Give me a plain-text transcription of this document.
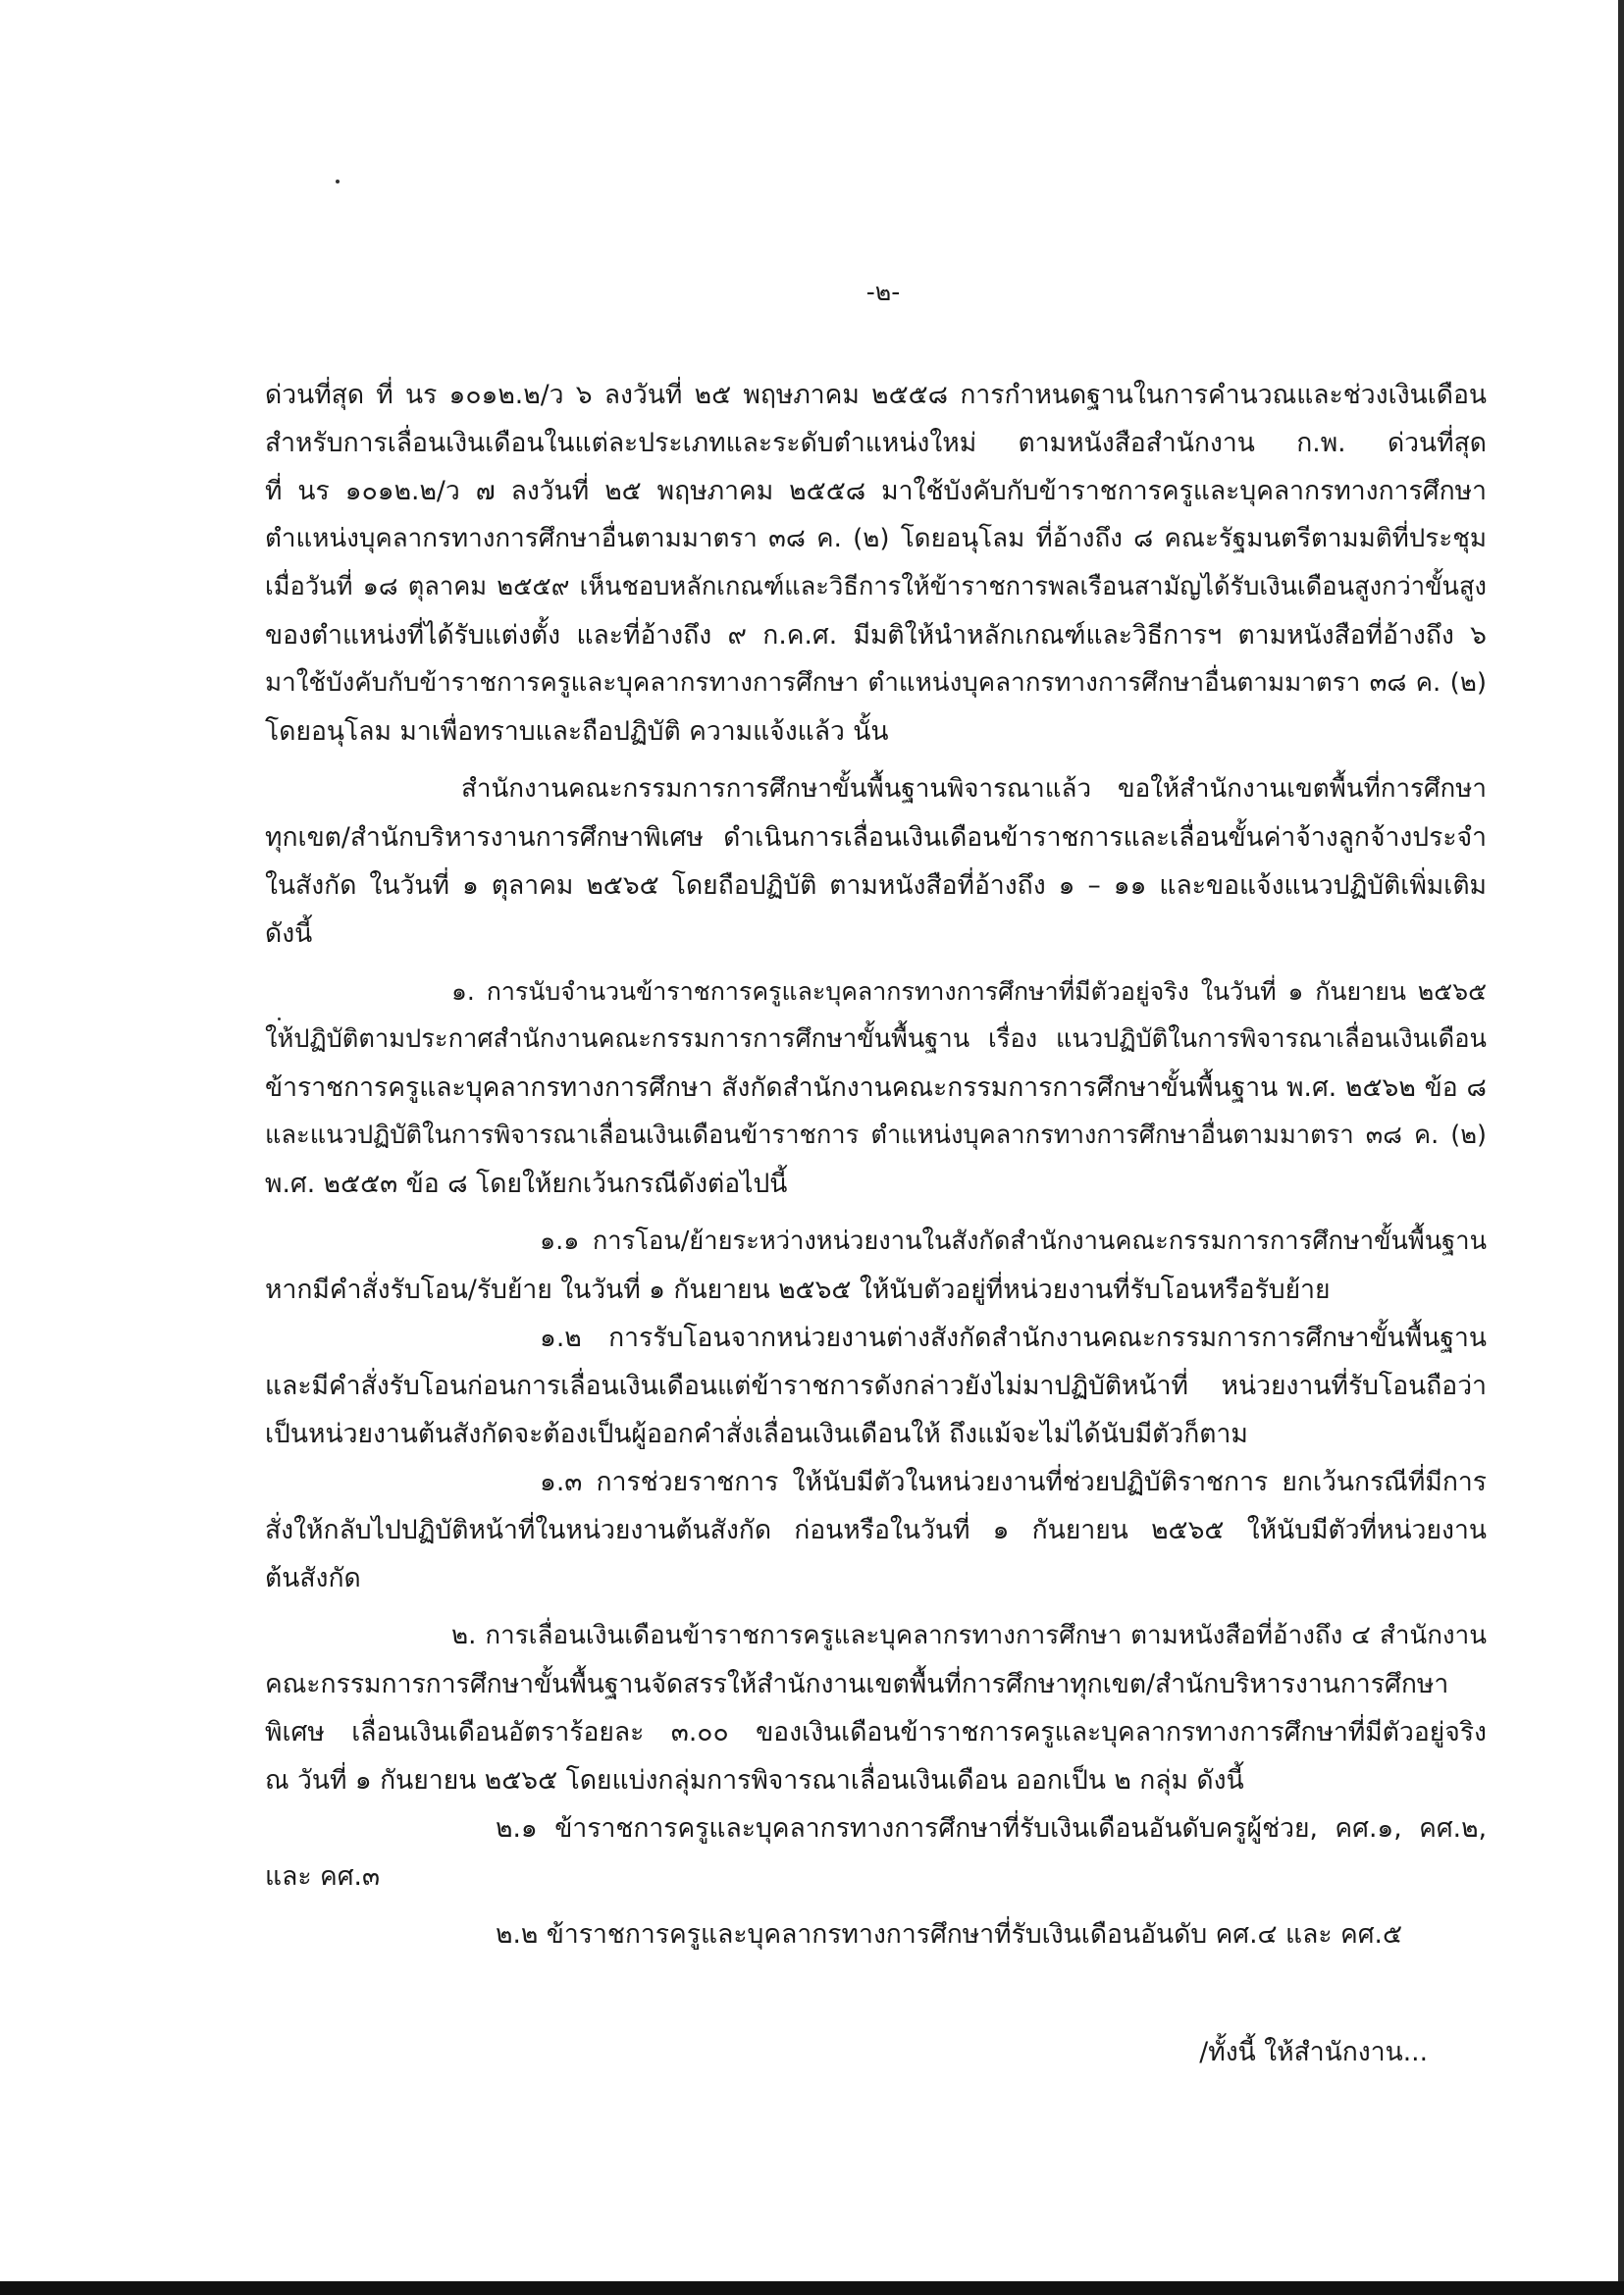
-๒-
ด่วนที่สุด ที่ นร ๑๐๑๒.๒/ว ๖ ลงวันที่ ๒๕ พฤษภาคม ๒๕๕๘ การกำหนดฐานในการคำนวณและช่วงเงินเดือน
สำหรับการเลื่อนเงินเดือนในแต่ละประเภทและระดับตำแหน่งใหม่ ตามหนังสือสำนักงาน ก.พ. ด่วนที่สุด
ที่ นร ๑๐๑๒.๒/ว ๗ ลงวันที่ ๒๕ พฤษภาคม ๒๕๕๘ มาใช้บังคับกับข้าราชการครูและบุคลากรทางการศึกษา
ตำแหน่งบุคลากรทางการศึกษาอื่นตามมาตรา ๓๘ ค. (๒) โดยอนุโลม ที่อ้างถึง ๘ คณะรัฐมนตรีตามมติที่ประชุม
เมื่อวันที่ ๑๘ ตุลาคม ๒๕๕๙ เห็นชอบหลักเกณฑ์และวิธีการให้ข้าราชการพลเรือนสามัญได้รับเงินเดือนสูงกว่าขั้นสูง
ของตำแหน่งที่ได้รับแต่งตั้ง และที่อ้างถึง ๙ ก.ค.ศ. มีมติให้นำหลักเกณฑ์และวิธีการฯ ตามหนังสือที่อ้างถึง ๖
มาใช้บังคับกับข้าราชการครูและบุคลากรทางการศึกษา ตำแหน่งบุคลากรทางการศึกษาอื่นตามมาตรา ๓๘ ค. (๒)
โดยอนุโลม มาเพื่อทราบและถือปฏิบัติ ความแจ้งแล้ว นั้น
สำนักงานคณะกรรมการการศึกษาขั้นพื้นฐานพิจารณาแล้ว ขอให้สำนักงานเขตพื้นที่การศึกษา
ทุกเขต/สำนักบริหารงานการศึกษาพิเศษ ดำเนินการเลื่อนเงินเดือนข้าราชการและเลื่อนขั้นค่าจ้างลูกจ้างประจำ
ในสังกัด ในวันที่ ๑ ตุลาคม ๒๕๖๕ โดยถือปฏิบัติ ตามหนังสือที่อ้างถึง ๑ – ๑๑ และขอแจ้งแนวปฏิบัติเพิ่มเติม
ดังนี้
๑. การนับจำนวนข้าราชการครูและบุคลากรทางการศึกษาที่มีตัวอยู่จริง ในวันที่ ๑ กันยายน ๒๕๖๕
ให้ปฏิบัติตามประกาศสำนักงานคณะกรรมการการศึกษาขั้นพื้นฐาน เรื่อง แนวปฏิบัติในการพิจารณาเลื่อนเงินเดือน
ข้าราชการครูและบุคลากรทางการศึกษา สังกัดสำนักงานคณะกรรมการการศึกษาขั้นพื้นฐาน พ.ศ. ๒๕๖๒ ข้อ ๘
และแนวปฏิบัติในการพิจารณาเลื่อนเงินเดือนข้าราชการ ตำแหน่งบุคลากรทางการศึกษาอื่นตามมาตรา ๓๘ ค. (๒)
พ.ศ. ๒๕๕๓ ข้อ ๘ โดยให้ยกเว้นกรณีดังต่อไปนี้
๑.๑ การโอน/ย้ายระหว่างหน่วยงานในสังกัดสำนักงานคณะกรรมการการศึกษาขั้นพื้นฐาน
หากมีคำสั่งรับโอน/รับย้าย ในวันที่ ๑ กันยายน ๒๕๖๕ ให้นับตัวอยู่ที่หน่วยงานที่รับโอนหรือรับย้าย
๑.๒ การรับโอนจากหน่วยงานต่างสังกัดสำนักงานคณะกรรมการการศึกษาขั้นพื้นฐาน
และมีคำสั่งรับโอนก่อนการเลื่อนเงินเดือนแต่ข้าราชการดังกล่าวยังไม่มาปฏิบัติหน้าที่ หน่วยงานที่รับโอนถือว่า
เป็นหน่วยงานต้นสังกัดจะต้องเป็นผู้ออกคำสั่งเลื่อนเงินเดือนให้ ถึงแม้จะไม่ได้นับมีตัวก็ตาม
๑.๓ การช่วยราชการ ให้นับมีตัวในหน่วยงานที่ช่วยปฏิบัติราชการ ยกเว้นกรณีที่มีการ
สั่งให้กลับไปปฏิบัติหน้าที่ในหน่วยงานต้นสังกัด ก่อนหรือในวันที่ ๑ กันยายน ๒๕๖๕ ให้นับมีตัวที่หน่วยงาน
ต้นสังกัด
๒. การเลื่อนเงินเดือนข้าราชการครูและบุคลากรทางการศึกษา ตามหนังสือที่อ้างถึง ๔ สำนักงาน
คณะกรรมการการศึกษาขั้นพื้นฐานจัดสรรให้สำนักงานเขตพื้นที่การศึกษาทุกเขต/สำนักบริหารงานการศึกษา
พิเศษ เลื่อนเงินเดือนอัตราร้อยละ ๓.๐๐ ของเงินเดือนข้าราชการครูและบุคลากรทางการศึกษาที่มีตัวอยู่จริง
ณ วันที่ ๑ กันยายน ๒๕๖๕ โดยแบ่งกลุ่มการพิจารณาเลื่อนเงินเดือน ออกเป็น ๒ กลุ่ม ดังนี้
๒.๑ ข้าราชการครูและบุคลากรทางการศึกษาที่รับเงินเดือนอันดับครูผู้ช่วย, คศ.๑, คศ.๒,
และ คศ.๓
๒.๒ ข้าราชการครูและบุคลากรทางการศึกษาที่รับเงินเดือนอันดับ คศ.๔ และ คศ.๕
/ทั้งนี้ ให้สำนักงาน...
